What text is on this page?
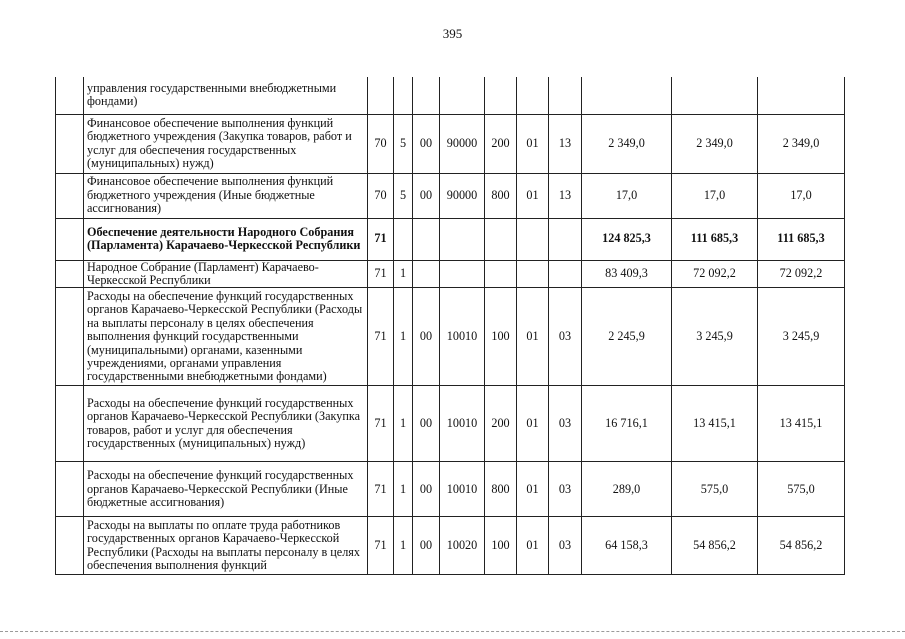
395
	управления государственными внебюджетными фондами)										
	Финансовое обеспечение выполнения функций бюджетного учреждения (Закупка товаров, работ и услуг для обеспечения государственных (муниципальных) нужд)	70	5	00	90000	200	01	13	2 349,0	2 349,0	2 349,0
	Финансовое обеспечение выполнения функций бюджетного учреждения (Иные бюджетные ассигнования)	70	5	00	90000	800	01	13	17,0	17,0	17,0
	Обеспечение деятельности Народного Собрания (Парламента) Карачаево-Черкесской Республики	71							124 825,3	111 685,3	111 685,3
	Народное Собрание (Парламент) Карачаево-Черкесской Республики	71	1						83 409,3	72 092,2	72 092,2
	Расходы на обеспечение функций государственных органов Карачаево-Черкесской Республики (Расходы на выплаты персоналу в целях обеспечения выполнения функций государственными (муниципальными) органами, казенными учреждениями, органами управления государственными внебюджетными фондами)	71	1	00	10010	100	01	03	2 245,9	3 245,9	3 245,9
	Расходы на обеспечение функций государственных органов Карачаево-Черкесской Республики (Закупка товаров, работ и услуг для обеспечения государственных (муниципальных) нужд)	71	1	00	10010	200	01	03	16 716,1	13 415,1	13 415,1
	Расходы на обеспечение функций государственных органов Карачаево-Черкесской Республики (Иные бюджетные ассигнования)	71	1	00	10010	800	01	03	289,0	575,0	575,0
	Расходы на выплаты по оплате труда работников государственных органов Карачаево-Черкесской Республики (Расходы на выплаты персоналу в целях обеспечения выполнения функций	71	1	00	10020	100	01	03	64 158,3	54 856,2	54 856,2
